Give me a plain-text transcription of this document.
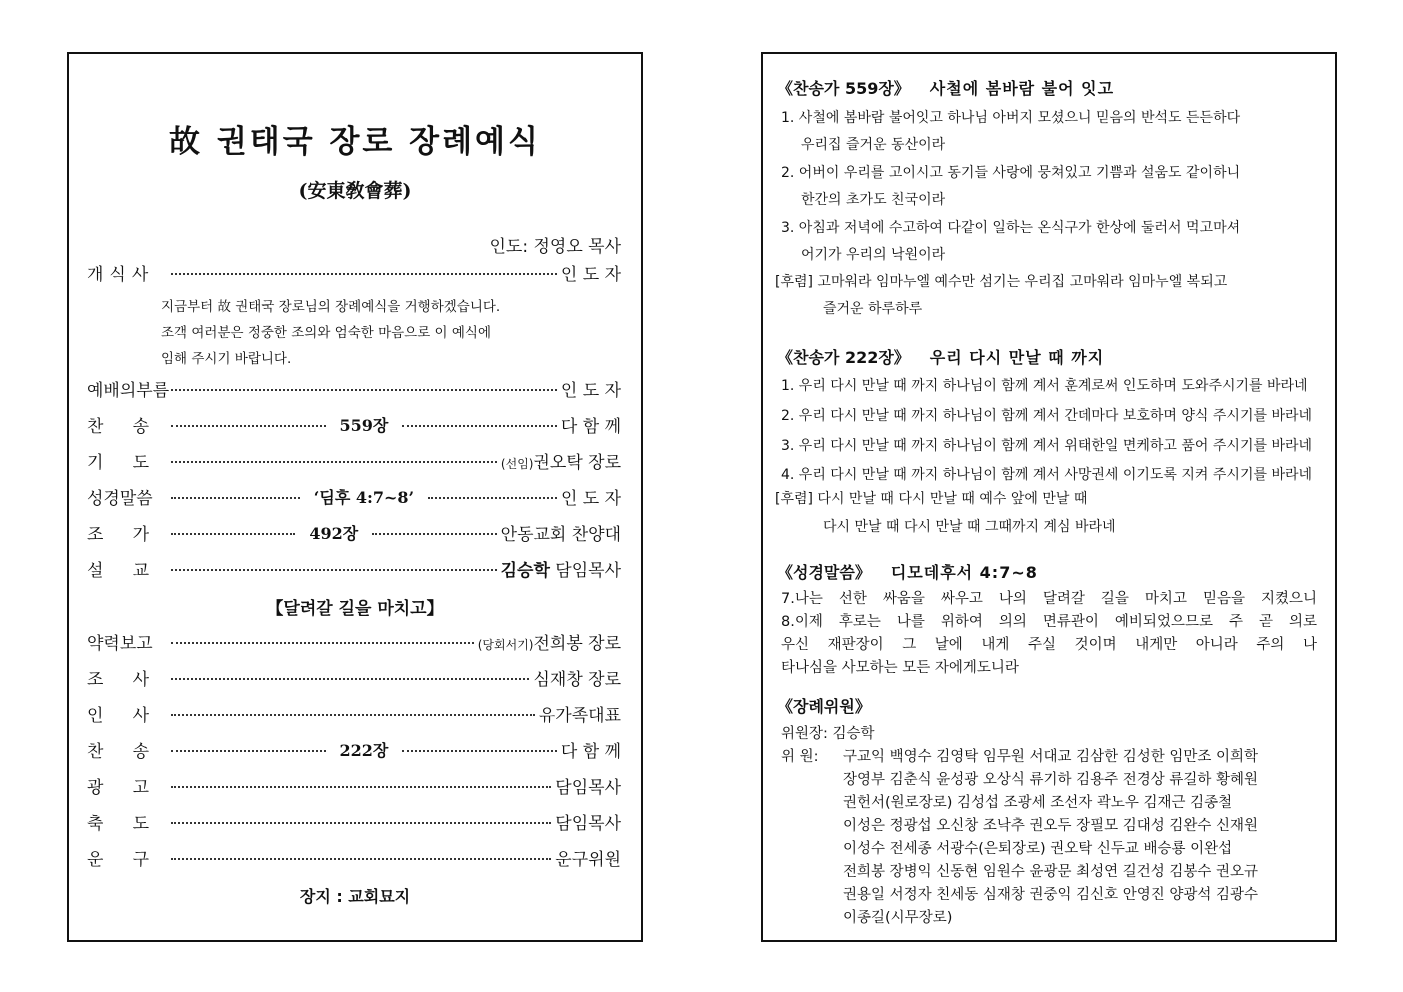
故 권태국 장로 장례예식
(安東敎會葬)
인도: 정영오 목사
개식사	인 도 자
지금부터 故 권태국 장로님의 장례예식을 거행하겠습니다.
조객 여러분은 정중한 조의와 엄숙한 마음으로 이 예식에
임해 주시기 바랍니다.
예배의부름	인 도 자
찬 송	559장	다 함 께
기 도	(선임)권오탁 장로
성경말씀	‘딤후 4:7~8’	인 도 자
조 가	492장	안동교회 찬양대
설 교	김승학 담임목사
【달려갈 길을 마치고】
약력보고	(당회서기)전희봉 장로
조 사	심재창 장로
인 사	유가족대표
찬 송	222장	다 함 께
광 고	담임목사
축 도	담임목사
운 구	운구위원
장지 : 교회묘지
《찬송가 559장》 사철에 봄바람 불어 잇고
1. 사철에 봄바람 불어잇고 하나님 아버지 모셨으니 믿음의 반석도 든든하다
우리집 즐거운 동산이라
2. 어버이 우리를 고이시고 동기들 사랑에 뭉쳐있고 기쁨과 설움도 같이하니
한간의 초가도 친국이라
3. 아침과 저녁에 수고하여 다같이 일하는 온식구가 한상에 둘러서 먹고마셔
어기가 우리의 낙원이라
[후렴] 고마워라 임마누엘 예수만 섬기는 우리집 고마워라 임마누엘 복되고
즐거운 하루하루
《찬송가 222장》 우리 다시 만날 때 까지
1. 우리 다시 만날 때 까지 하나님이 함께 계서 훈계로써 인도하며 도와주시기를 바라네
2. 우리 다시 만날 때 까지 하나님이 함께 계서 간데마다 보호하며 양식 주시기를 바라네
3. 우리 다시 만날 때 까지 하나님이 함께 계서 위태한일 면케하고 품어 주시기를 바라네
4. 우리 다시 만날 때 까지 하나님이 함께 계서 사망권세 이기도록 지켜 주시기를 바라네
[후렴] 다시 만날 때 다시 만날 때 예수 앞에 만날 때
다시 만날 때 다시 만날 때 그때까지 계심 바라네
《성경말씀》 디모데후서 4:7~8
7.나는 선한 싸움을 싸우고 나의 달려갈 길을 마치고 믿음을 지켰으니
8.이제 후로는 나를 위하여 의의 면류관이 예비되었으므로 주 곧 의로
우신 재판장이 그 날에 내게 주실 것이며 내게만 아니라 주의 나
타나심을 사모하는 모든 자에게도니라
《장례위원》
위원장: 김승학
위 원: 구교익 백영수 김영탁 임무원 서대교 김삼한 김성한 임만조 이희학
장영부 김춘식 윤성광 오상식 류기하 김용주 전경상 류길하 황혜원
권헌서(원로장로) 김성섭 조광세 조선자 곽노우 김재근 김종철
이성은 정광섭 오신창 조낙추 권오두 장필모 김대성 김완수 신재원
이성수 전세종 서광수(은퇴장로) 권오탁 신두교 배승룡 이완섭
전희봉 장병익 신동현 임원수 윤광문 최성연 길건성 김봉수 권오규
권용일 서정자 친세동 심재창 권중익 김신호 안영진 양광석 김광수
이종길(시무장로)
